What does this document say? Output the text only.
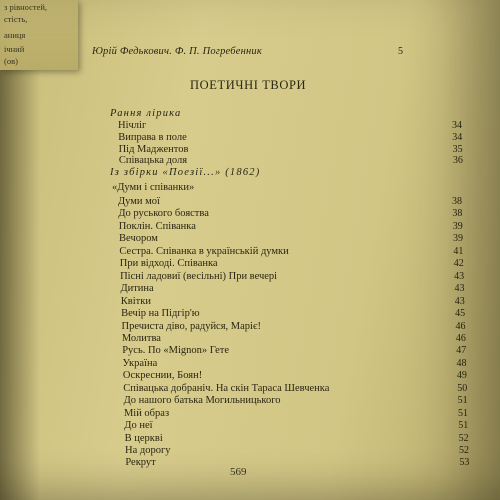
з рівностей,
стість,
аниця
ічний
(ов)
Юрій Федькович. Ф. П. Погребенник	5
ПОЕТИЧНІ ТВОРИ
Рання лірика
Нічліг	34
Виправа в поле	34
Під Маджентов	35
Співацька доля	36
Із збірки «Поезії...» (1862)
«Думи і співанки»
Думи мої	38
До руського бояства	38
Поклін. Співанка	39
Вечором	39
Сестра. Співанка в українській думки	41
При відході. Співанка	42
Пісні ладовиї (весільні) При вечері	43
Дитина	43
Квітки	43
Вечір на Підгір'ю	45
Пречиста діво, радуйся, Маріє!	46
Молитва	46
Русь. По «Mignon» Гете	47
Україна	48
Оскреснии, Боян!	49
Співацька добраніч. На скін Тараса Шевченка	50
До нашого батька Могильницького	51
Мій образ	51
До неї	51
В церкві	52
На дорогу	52
Рекрут	53
569
